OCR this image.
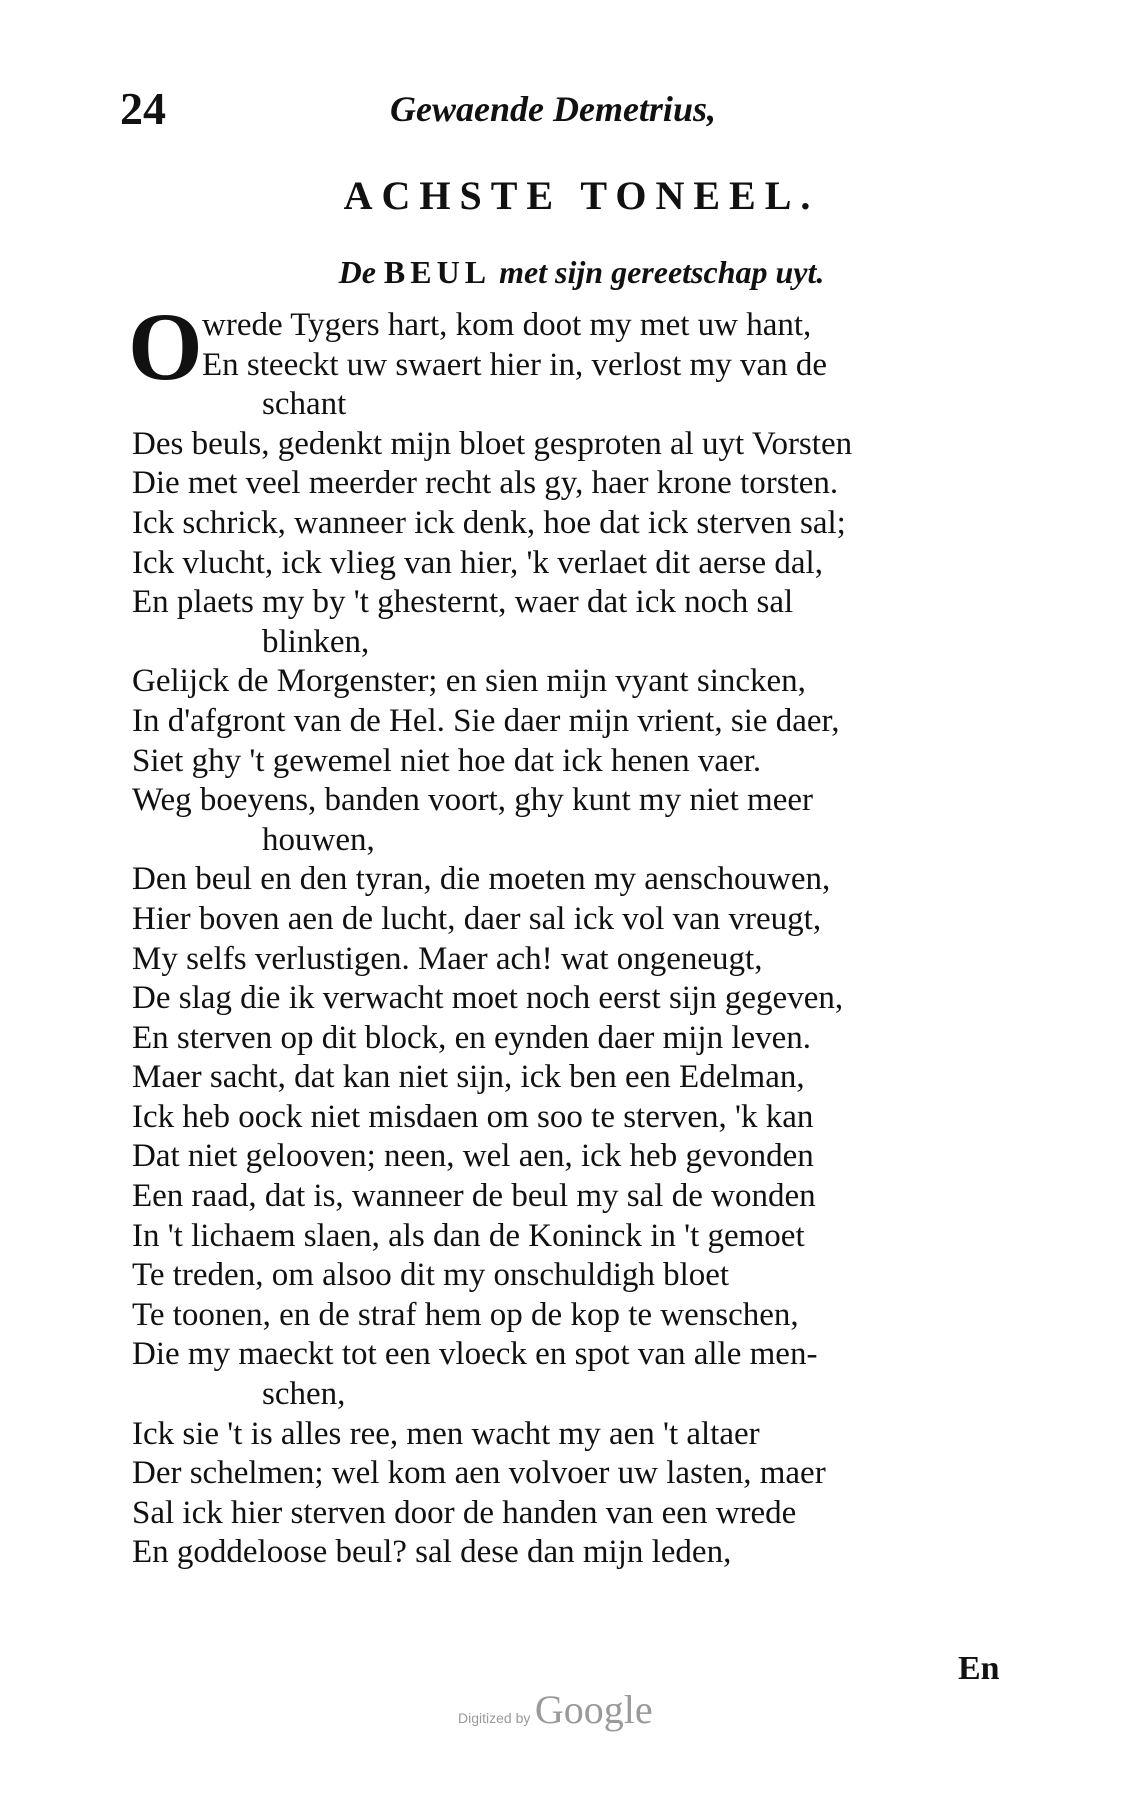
24	Gewaende Demetrius,
ACHSTE TONEEL.
De BEUL met sijn gereetschap uyt.
O wrede Tygers hart, kom doot my met uw hant,
En steeckt uw swaert hier in, verlost my van de
schant
Des beuls, gedenkt mijn bloet gesproten al uyt Vorsten
Die met veel meerder recht als gy, haer krone torsten.
Ick schrick, wanneer ick denk, hoe dat ick sterven sal;
Ick vlucht, ick vlieg van hier, 'k verlaet dit aerse dal,
En plaets my by 't ghesternt, waer dat ick noch sal
blinken,
Gelijck de Morgenster; en sien mijn vyant sincken,
In d'afgront van de Hel. Sie daer mijn vrient, sie daer,
Siet ghy 't gewemel niet hoe dat ick henen vaer.
Weg boeyens, banden voort, ghy kunt my niet meer
houwen,
Den beul en den tyran, die moeten my aenschouwen,
Hier boven aen de lucht, daer sal ick vol van vreugt,
My selfs verlustigen. Maer ach! wat ongeneugt,
De slag die ik verwacht moet noch eerst sijn gegeven,
En sterven op dit block, en eynden daer mijn leven.
Maer sacht, dat kan niet sijn, ick ben een Edelman,
Ick heb oock niet misdaen om soo te sterven, 'k kan
Dat niet gelooven; neen, wel aen, ick heb gevonden
Een raad, dat is, wanneer de beul my sal de wonden
In 't lichaem slaen, als dan de Koninck in 't gemoet
Te treden, om alsoo dit my onschuldigh bloet
Te toonen, en de straf hem op de kop te wenschen,
Die my maeckt tot een vloeck en spot van alle men-
schen,
Ick sie 't is alles ree, men wacht my aen 't altaer
Der schelmen; wel kom aen volvoer uw lasten, maer
Sal ick hier sterven door de handen van een wrede
En goddeloose beul? sal dese dan mijn leden,
En
Digitized by Google
